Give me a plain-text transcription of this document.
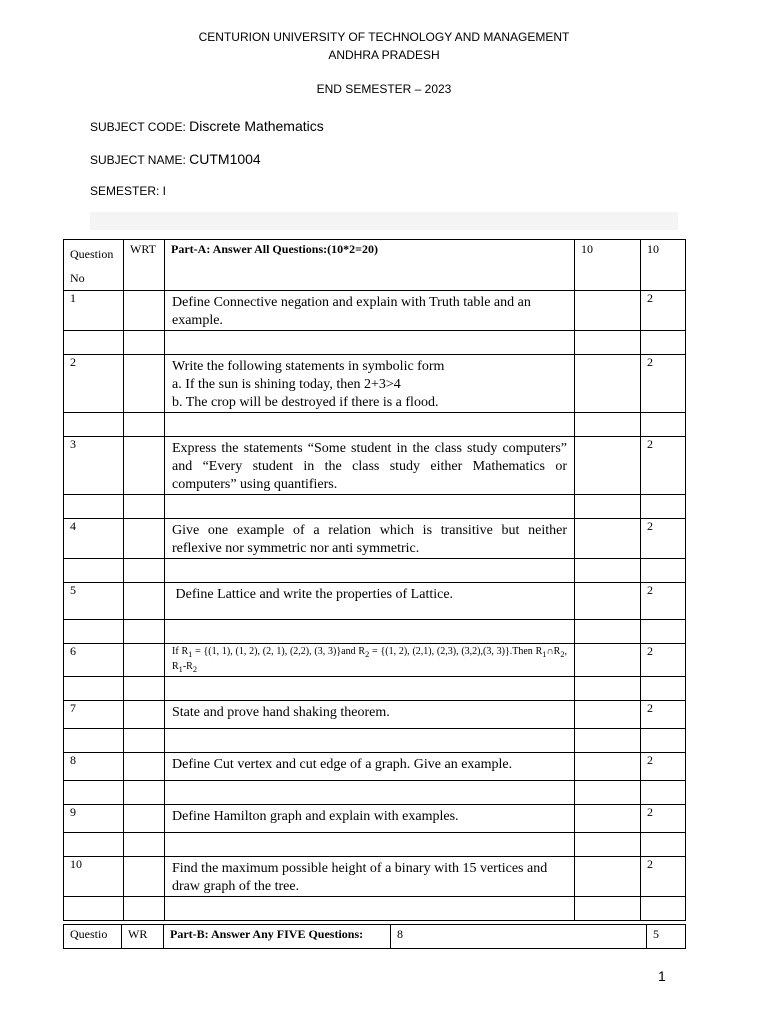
CENTURION UNIVERSITY OF TECHNOLOGY AND MANAGEMENT
ANDHRA PRADESH
END SEMESTER – 2023
SUBJECT CODE: Discrete Mathematics
SUBJECT NAME: CUTM1004
SEMESTER: I
Question
No	WRT	Part-A: Answer All Questions:(10*2=20)	10	10
1		Define Connective negation and explain with Truth table and an example.		2

2		Write the following statements in symbolic form
a. If the sun is shining today, then 2+3>4
b. The crop will be destroyed if there is a flood.		2

3		Express the statements “Some student in the class study computers” and “Every student in the class study either Mathematics or computers” using quantifiers.		2

4		Give one example of a relation which is transitive but neither reflexive nor symmetric nor anti symmetric.		2

5		Define Lattice and write the properties of Lattice.		2

6		If $R_1 = \{(1$, 1), (1, 2), (2, 1), (2,2), (3, 3)}and $R_2 = \{(1$, 2), (2,1), (2,3), (3,2),(3, 3)}.Then $R_1\cap R_2$, $R_1-R_2$		2

7		State and prove hand shaking theorem.		2

8		Define Cut vertex and cut edge of a graph. Give an example.		2

9		Define Hamilton graph and explain with examples.		2

10		Find the maximum possible height of a binary with 15 vertices and draw graph of the tree.		2

Questio	WR	Part-B: Answer Any FIVE Questions:	8	5
1
